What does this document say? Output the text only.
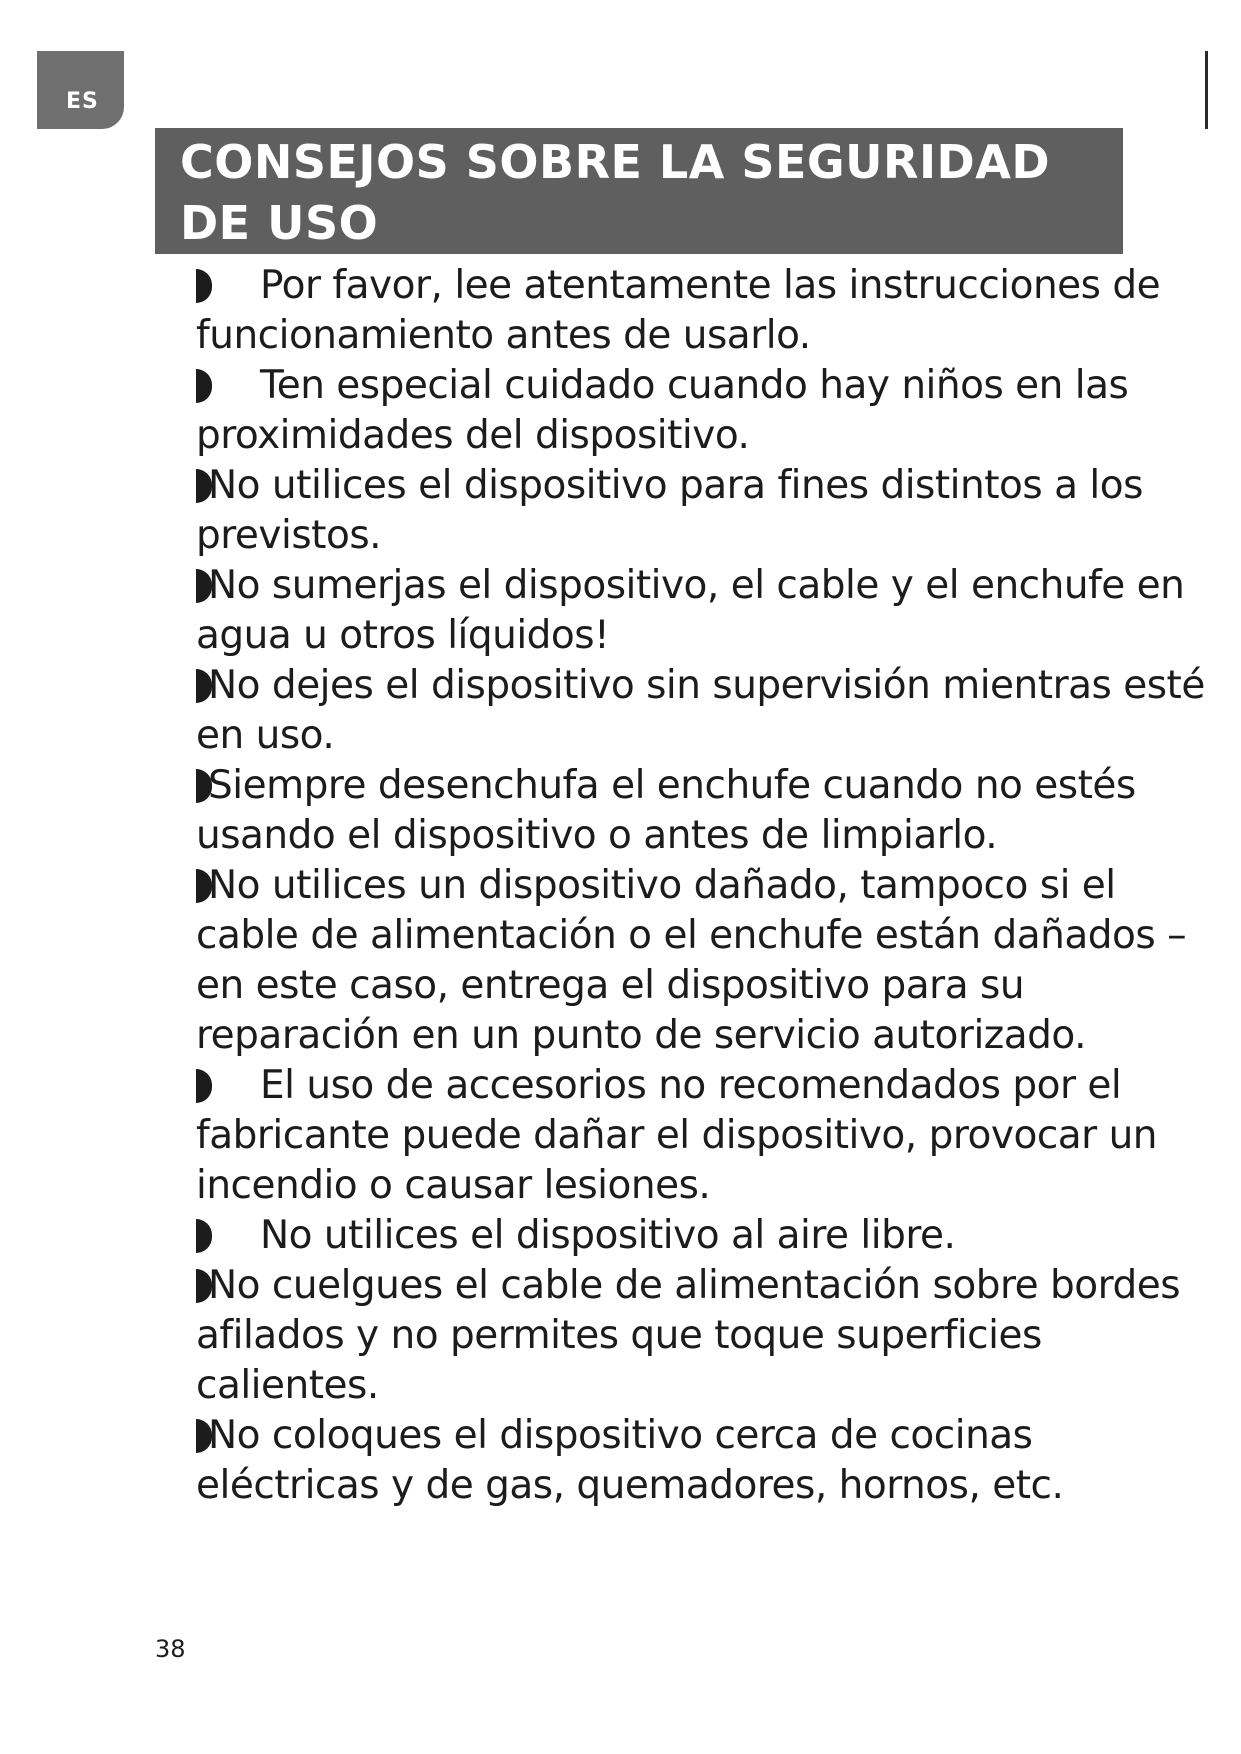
ES
CONSEJOS SOBRE LA SEGURIDAD DE USO
Por favor, lee atentamente las instrucciones de funcionamiento antes de usarlo.
Ten especial cuidado cuando hay niños en las proximidades del dispositivo.
No utilices el dispositivo para fines distintos a los previstos.
No sumerjas el dispositivo, el cable y el enchufe en agua u otros líquidos!
No dejes el dispositivo sin supervisión mientras esté en uso.
Siempre desenchufa el enchufe cuando no estés usando el dispositivo o antes de limpiarlo.
No utilices un dispositivo dañado, tampoco si el cable de alimentación o el enchufe están dañados – en este caso, entrega el dispositivo para su reparación en un punto de servicio autorizado.
El uso de accesorios no recomendados por el fabricante puede dañar el dispositivo, provocar un incendio o causar lesiones.
No utilices el dispositivo al aire libre.
No cuelgues el cable de alimentación sobre bordes afilados y no permites que toque superficies calientes.
No coloques el dispositivo cerca de cocinas eléctricas y de gas, quemadores, hornos, etc.
38
